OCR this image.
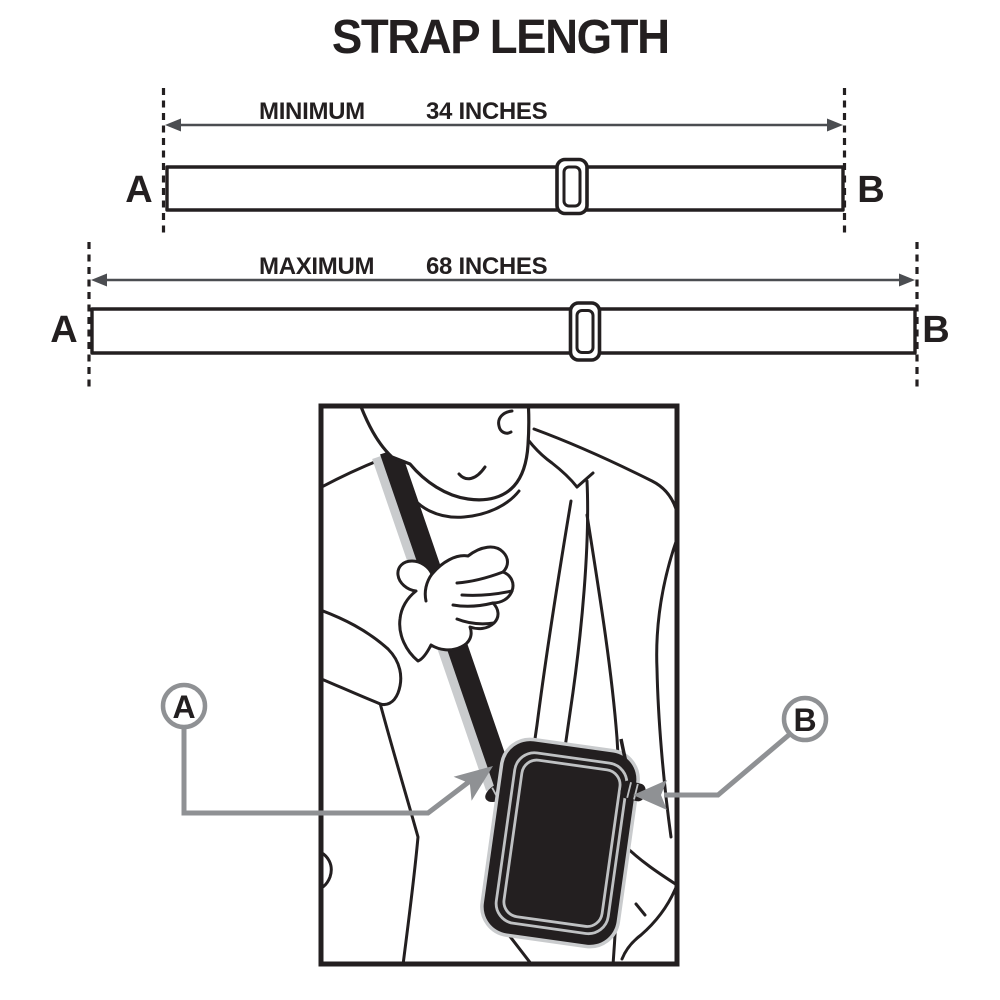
STRAP LENGTH
MINIMUM	34 INCHES
A	B
MAXIMUM 68 INCHES
A	B
A	B
